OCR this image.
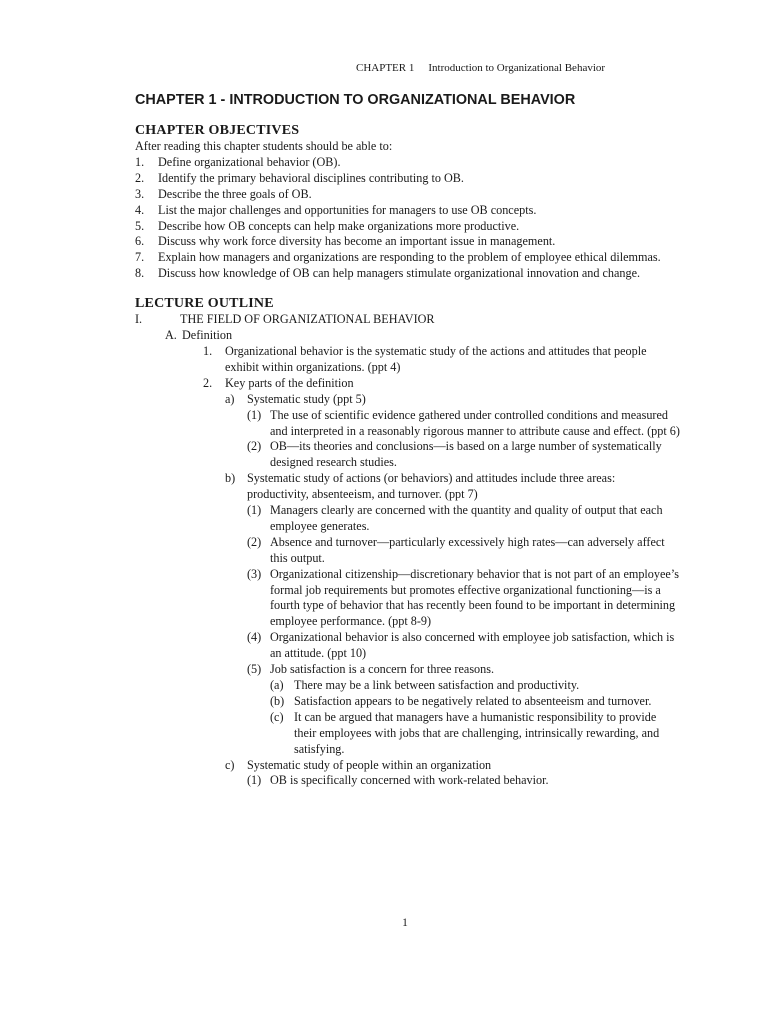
CHAPTER 1 Introduction to Organizational Behavior
CHAPTER 1 - INTRODUCTION TO ORGANIZATIONAL BEHAVIOR
CHAPTER OBJECTIVES
After reading this chapter students should be able to:
1.	Define organizational behavior (OB).
2.	Identify the primary behavioral disciplines contributing to OB.
3.	Describe the three goals of OB.
4.	List the major challenges and opportunities for managers to use OB concepts.
5.	Describe how OB concepts can help make organizations more productive.
6.	Discuss why work force diversity has become an important issue in management.
7.	Explain how managers and organizations are responding to the problem of employee ethical dilemmas.
8.	Discuss how knowledge of OB can help managers stimulate organizational innovation and change.
LECTURE OUTLINE
I.	THE FIELD OF ORGANIZATIONAL BEHAVIOR
A. Definition
1.	Organizational behavior is the systematic study of the actions and attitudes that people exhibit within organizations. (ppt 4)
2.	Key parts of the definition
a)	Systematic study (ppt 5)
(1) The use of scientific evidence gathered under controlled conditions and measured and interpreted in a reasonably rigorous manner to attribute cause and effect. (ppt 6)
(2) OB—its theories and conclusions—is based on a large number of systematically designed research studies.
b) Systematic study of actions (or behaviors) and attitudes include three areas: productivity, absenteeism, and turnover. (ppt 7)
(1) Managers clearly are concerned with the quantity and quality of output that each employee generates.
(2) Absence and turnover—particularly excessively high rates—can adversely affect this output.
(3) Organizational citizenship—discretionary behavior that is not part of an employee’s formal job requirements but promotes effective organizational functioning—is a fourth type of behavior that has recently been found to be important in determining employee performance. (ppt 8-9)
(4) Organizational behavior is also concerned with employee job satisfaction, which is an attitude. (ppt 10)
(5) Job satisfaction is a concern for three reasons.
(a) There may be a link between satisfaction and productivity.
(b) Satisfaction appears to be negatively related to absenteeism and turnover.
(c) It can be argued that managers have a humanistic responsibility to provide their employees with jobs that are challenging, intrinsically rewarding, and satisfying.
c)	Systematic study of people within an organization
(1) OB is specifically concerned with work-related behavior.
1
